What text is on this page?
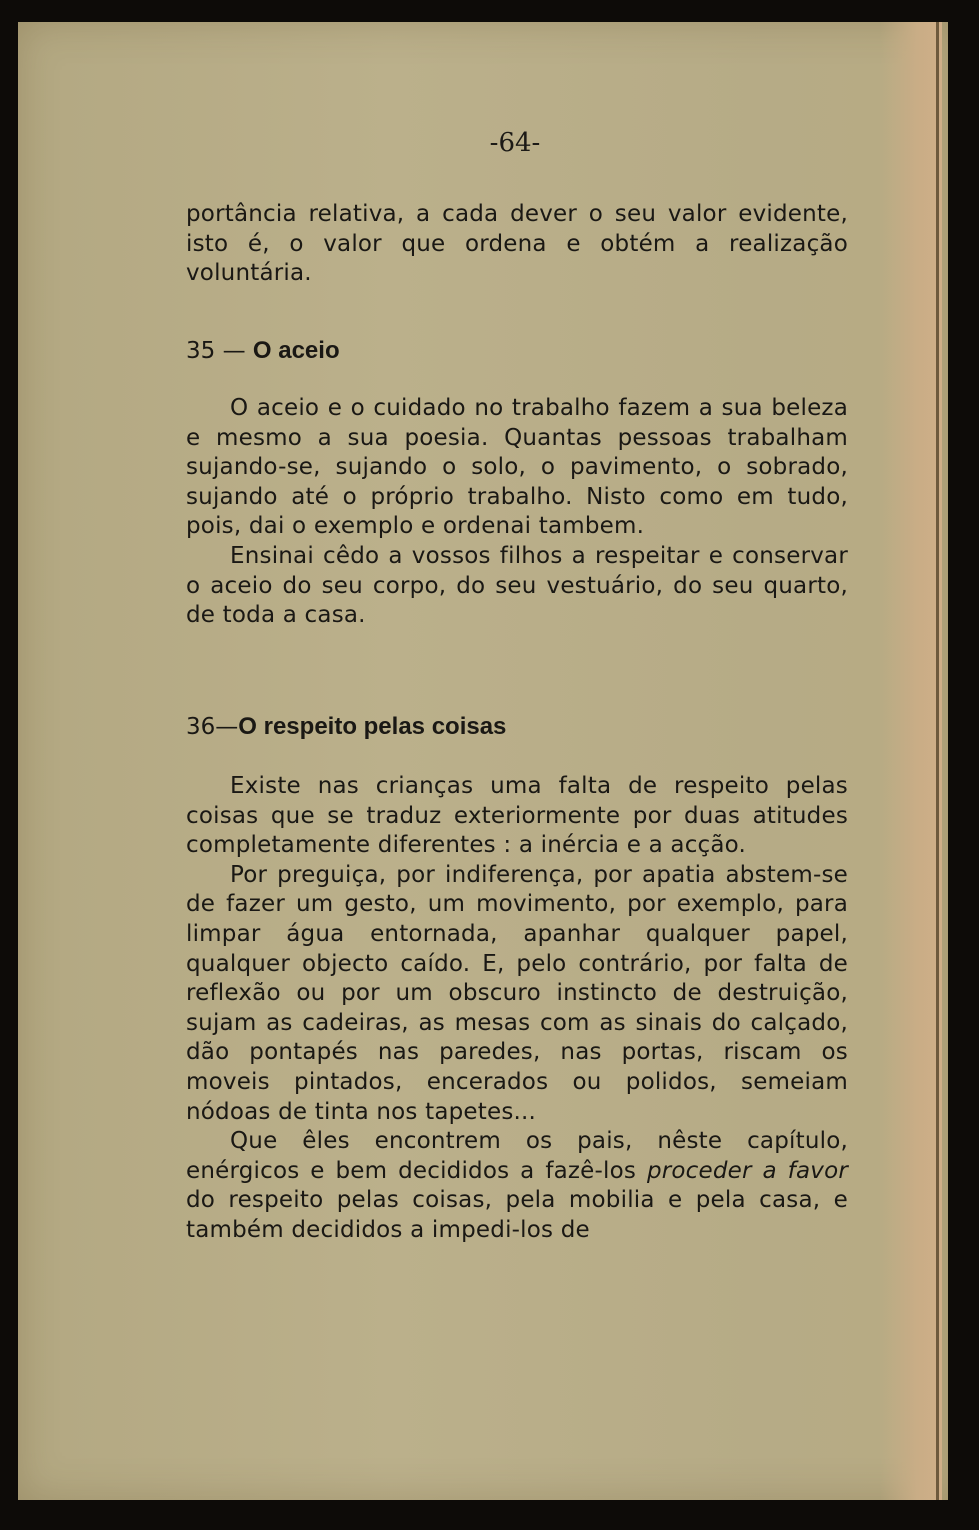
-64-

portância relativa, a cada dever o seu valor evidente, isto é, o valor que ordena e obtém a realização voluntária.

35 — O aceio

O aceio e o cuidado no trabalho fazem a sua beleza e mesmo a sua poesia. Quantas pessoas trabalham sujando-se, sujando o solo, o pavimento, o sobrado, sujando até o próprio trabalho. Nisto como em tudo, pois, dai o exemplo e ordenai tambem.

Ensinai cêdo a vossos filhos a respeitar e conservar o aceio do seu corpo, do seu vestuário, do seu quarto, de toda a casa.

36—O respeito pelas coisas

Existe nas crianças uma falta de respeito pelas coisas que se traduz exteriormente por duas atitudes completamente diferentes : a inércia e a acção.

Por preguiça, por indiferença, por apatia abstem-se de fazer um gesto, um movimento, por exemplo, para limpar água entornada, apanhar qualquer papel, qualquer objecto caído. E, pelo contrário, por falta de reflexão ou por um obscuro instincto de destruição, sujam as cadeiras, as mesas com as sinais do calçado, dão pontapés nas paredes, nas portas, riscam os moveis pintados, encerados ou polidos, semeiam nódoas de tinta nos tapetes...

Que êles encontrem os pais, nêste capítulo, enérgicos e bem decididos a fazê-los proceder a favor do respeito pelas coisas, pela mobilia e pela casa, e também decididos a impedi-los de
